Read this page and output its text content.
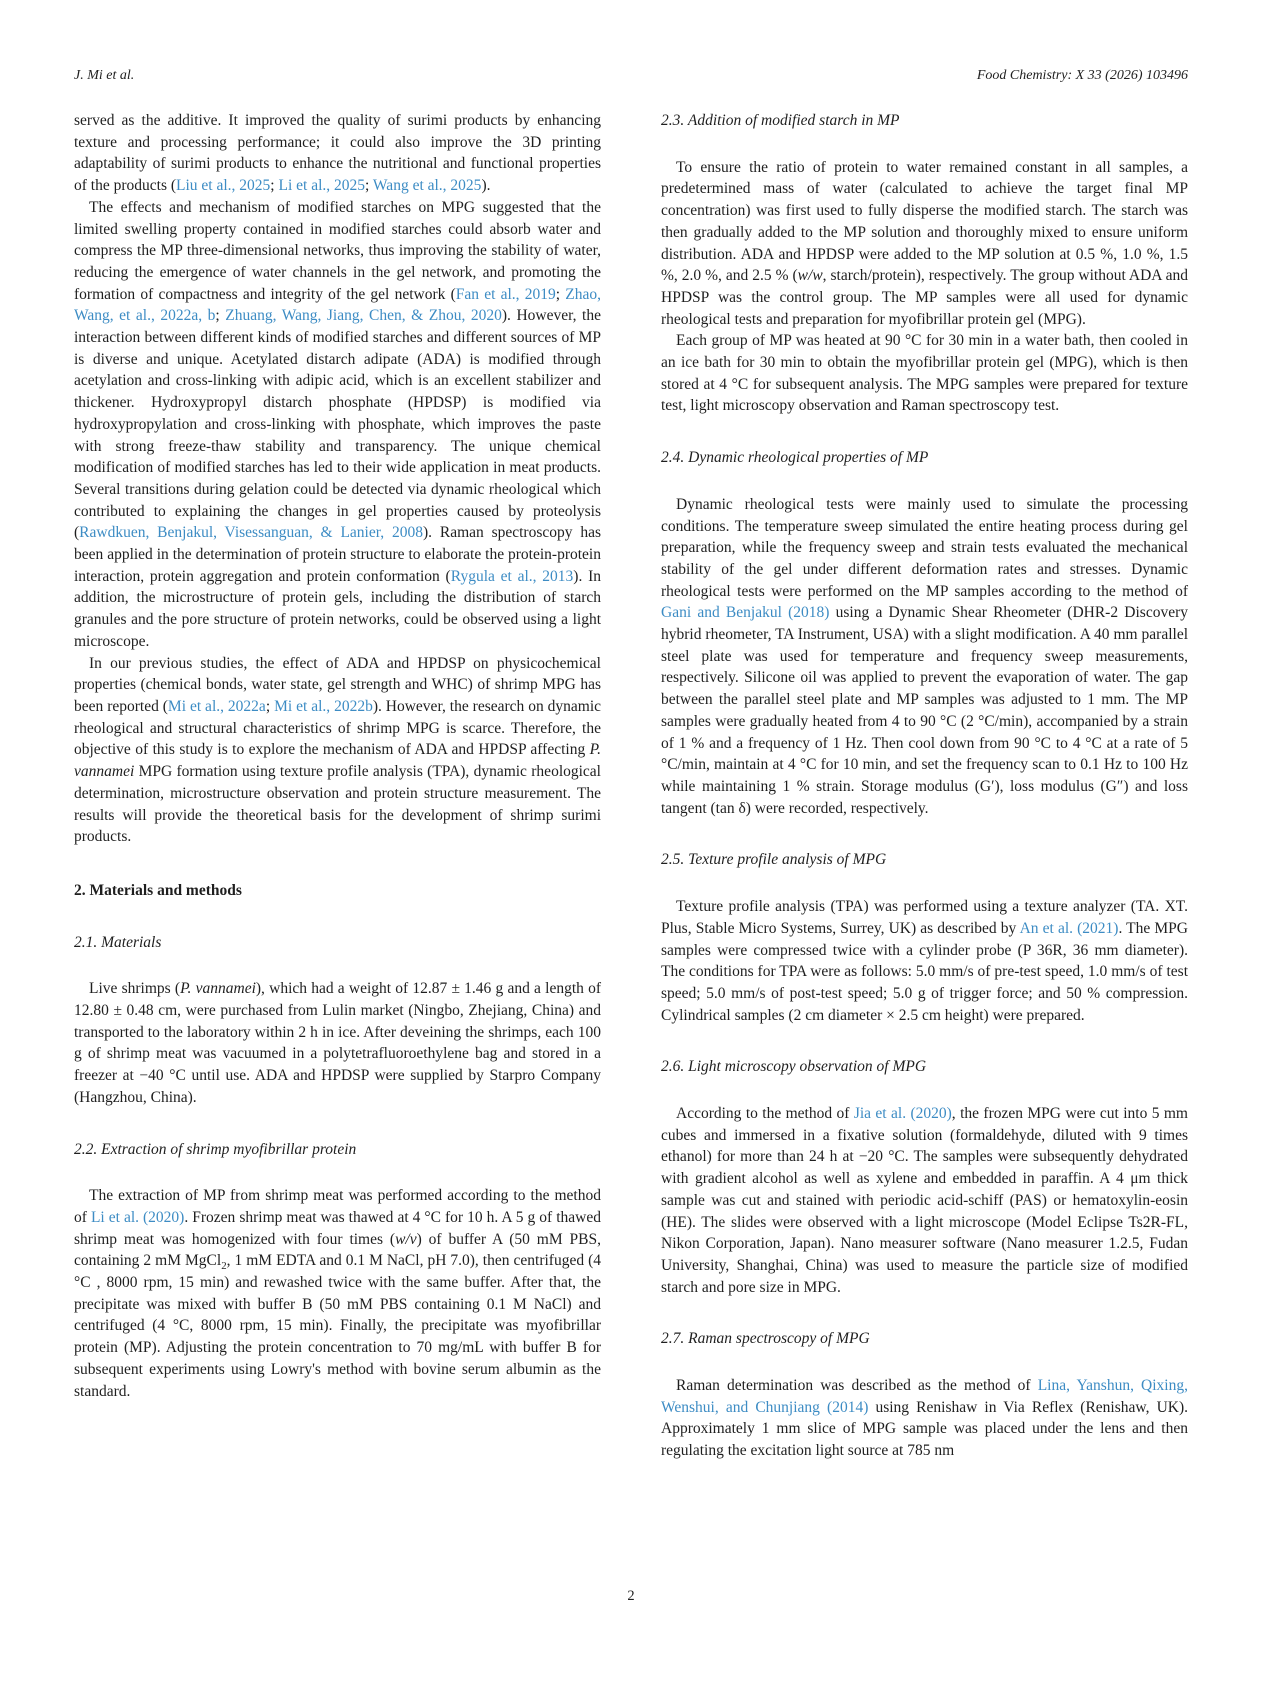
J. Mi et al.	Food Chemistry: X 33 (2026) 103496

served as the additive. It improved the quality of surimi products by enhancing texture and processing performance; it could also improve the 3D printing adaptability of surimi products to enhance the nutritional and functional properties of the products (Liu et al., 2025; Li et al., 2025; Wang et al., 2025).

The effects and mechanism of modified starches on MPG suggested that the limited swelling property contained in modified starches could absorb water and compress the MP three-dimensional networks, thus improving the stability of water, reducing the emergence of water channels in the gel network, and promoting the formation of compactness and integrity of the gel network (Fan et al., 2019; Zhao, Wang, et al., 2022a, b; Zhuang, Wang, Jiang, Chen, & Zhou, 2020). However, the interaction between different kinds of modified starches and different sources of MP is diverse and unique. Acetylated distarch adipate (ADA) is modified through acetylation and cross-linking with adipic acid, which is an excellent stabilizer and thickener. Hydroxypropyl distarch phosphate (HPDSP) is modified via hydroxypropylation and cross-linking with phosphate, which improves the paste with strong freeze-thaw stability and transparency. The unique chemical modification of modified starches has led to their wide application in meat products. Several transitions during gelation could be detected via dynamic rheological which contributed to explaining the changes in gel properties caused by proteolysis (Rawdkuen, Benjakul, Visessanguan, & Lanier, 2008). Raman spectroscopy has been applied in the determination of protein structure to elaborate the protein-protein interaction, protein aggregation and protein conformation (Rygula et al., 2013). In addition, the microstructure of protein gels, including the distribution of starch granules and the pore structure of protein networks, could be observed using a light microscope.

In our previous studies, the effect of ADA and HPDSP on physicochemical properties (chemical bonds, water state, gel strength and WHC) of shrimp MPG has been reported (Mi et al., 2022a; Mi et al., 2022b). However, the research on dynamic rheological and structural characteristics of shrimp MPG is scarce. Therefore, the objective of this study is to explore the mechanism of ADA and HPDSP affecting P. vannamei MPG formation using texture profile analysis (TPA), dynamic rheological determination, microstructure observation and protein structure measurement. The results will provide the theoretical basis for the development of shrimp surimi products.

2. Materials and methods
2.1. Materials

Live shrimps (P. vannamei), which had a weight of 12.87 ± 1.46 g and a length of 12.80 ± 0.48 cm, were purchased from Lulin market (Ningbo, Zhejiang, China) and transported to the laboratory within 2 h in ice. After deveining the shrimps, each 100 g of shrimp meat was vacuumed in a polytetrafluoroethylene bag and stored in a freezer at −40 °C until use. ADA and HPDSP were supplied by Starpro Company (Hangzhou, China).

2.2. Extraction of shrimp myofibrillar protein

The extraction of MP from shrimp meat was performed according to the method of Li et al. (2020). Frozen shrimp meat was thawed at 4 °C for 10 h. A 5 g of thawed shrimp meat was homogenized with four times (w/v) of buffer A (50 mM PBS, containing 2 mM MgCl$_2$, 1 mM EDTA and 0.1 M NaCl, pH 7.0), then centrifuged (4 °C , 8000 rpm, 15 min) and rewashed twice with the same buffer. After that, the precipitate was mixed with buffer B (50 mM PBS containing 0.1 M NaCl) and centrifuged (4 °C, 8000 rpm, 15 min). Finally, the precipitate was myofibrillar protein (MP). Adjusting the protein concentration to 70 mg/mL with buffer B for subsequent experiments using Lowry's method with bovine serum albumin as the standard.

2.3. Addition of modified starch in MP

To ensure the ratio of protein to water remained constant in all samples, a predetermined mass of water (calculated to achieve the target final MP concentration) was first used to fully disperse the modified starch. The starch was then gradually added to the MP solution and thoroughly mixed to ensure uniform distribution. ADA and HPDSP were added to the MP solution at 0.5 %, 1.0 %, 1.5 %, 2.0 %, and 2.5 % (w/w, starch/protein), respectively. The group without ADA and HPDSP was the control group. The MP samples were all used for dynamic rheological tests and preparation for myofibrillar protein gel (MPG).

Each group of MP was heated at 90 °C for 30 min in a water bath, then cooled in an ice bath for 30 min to obtain the myofibrillar protein gel (MPG), which is then stored at 4 °C for subsequent analysis. The MPG samples were prepared for texture test, light microscopy observation and Raman spectroscopy test.

2.4. Dynamic rheological properties of MP

Dynamic rheological tests were mainly used to simulate the processing conditions. The temperature sweep simulated the entire heating process during gel preparation, while the frequency sweep and strain tests evaluated the mechanical stability of the gel under different deformation rates and stresses. Dynamic rheological tests were performed on the MP samples according to the method of Gani and Benjakul (2018) using a Dynamic Shear Rheometer (DHR-2 Discovery hybrid rheometer, TA Instrument, USA) with a slight modification. A 40 mm parallel steel plate was used for temperature and frequency sweep measurements, respectively. Silicone oil was applied to prevent the evaporation of water. The gap between the parallel steel plate and MP samples was adjusted to 1 mm. The MP samples were gradually heated from 4 to 90 °C (2 °C/min), accompanied by a strain of 1 % and a frequency of 1 Hz. Then cool down from 90 °C to 4 °C at a rate of 5 °C/min, maintain at 4 °C for 10 min, and set the frequency scan to 0.1 Hz to 100 Hz while maintaining 1 % strain. Storage modulus (G′), loss modulus (G″) and loss tangent (tan δ) were recorded, respectively.

2.5. Texture profile analysis of MPG

Texture profile analysis (TPA) was performed using a texture analyzer (TA. XT. Plus, Stable Micro Systems, Surrey, UK) as described by An et al. (2021). The MPG samples were compressed twice with a cylinder probe (P 36R, 36 mm diameter). The conditions for TPA were as follows: 5.0 mm/s of pre-test speed, 1.0 mm/s of test speed; 5.0 mm/s of post-test speed; 5.0 g of trigger force; and 50 % compression. Cylindrical samples (2 cm diameter × 2.5 cm height) were prepared.

2.6. Light microscopy observation of MPG

According to the method of Jia et al. (2020), the frozen MPG were cut into 5 mm cubes and immersed in a fixative solution (formaldehyde, diluted with 9 times ethanol) for more than 24 h at −20 °C. The samples were subsequently dehydrated with gradient alcohol as well as xylene and embedded in paraffin. A 4 μm thick sample was cut and stained with periodic acid-schiff (PAS) or hematoxylin-eosin (HE). The slides were observed with a light microscope (Model Eclipse Ts2R-FL, Nikon Corporation, Japan). Nano measurer software (Nano measurer 1.2.5, Fudan University, Shanghai, China) was used to measure the particle size of modified starch and pore size in MPG.

2.7. Raman spectroscopy of MPG

Raman determination was described as the method of Lina, Yanshun, Qixing, Wenshui, and Chunjiang (2014) using Renishaw in Via Reflex (Renishaw, UK). Approximately 1 mm slice of MPG sample was placed under the lens and then regulating the excitation light source at 785 nm

2
